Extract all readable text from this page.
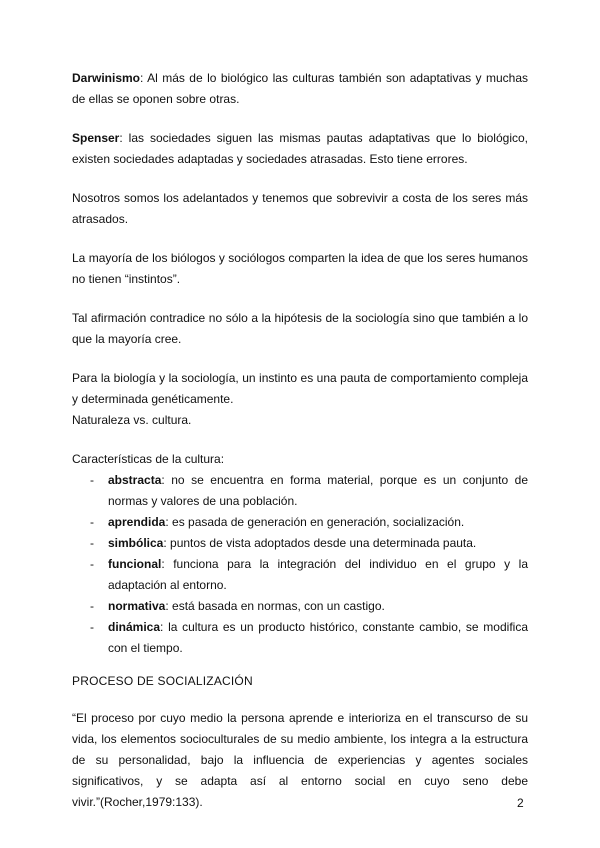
Darwinismo: Al más de lo biológico las culturas también son adaptativas y muchas de ellas se oponen sobre otras.

Spenser: las sociedades siguen las mismas pautas adaptativas que lo biológico, existen sociedades adaptadas y sociedades atrasadas. Esto tiene errores.

Nosotros somos los adelantados y tenemos que sobrevivir a costa de los seres más atrasados.

La mayoría de los biólogos y sociólogos comparten la idea de que los seres humanos no tienen “instintos”.

Tal afirmación contradice no sólo a la hipótesis de la sociología sino que también a lo que la mayoría cree.

Para la biología y la sociología, un instinto es una pauta de comportamiento compleja y determinada genéticamente.

Naturaleza vs. cultura.

Características de la cultura:

- abstracta: no se encuentra en forma material, porque es un conjunto de normas y valores de una población.
- aprendida: es pasada de generación en generación, socialización.
- simbólica: puntos de vista adoptados desde una determinada pauta.
- funcional: funciona para la integración del individuo en el grupo y la adaptación al entorno.
- normativa: está basada en normas, con un castigo.
- dinámica: la cultura es un producto histórico, constante cambio, se modifica con el tiempo.

PROCESO DE SOCIALIZACIÓN

“El proceso por cuyo medio la persona aprende e interioriza en el transcurso de su vida, los elementos socioculturales de su medio ambiente, los integra a la estructura de su personalidad, bajo la influencia de experiencias y agentes sociales significativos, y se adapta así al entorno social en cuyo seno debe vivir.”(Rocher,1979:133).	2
